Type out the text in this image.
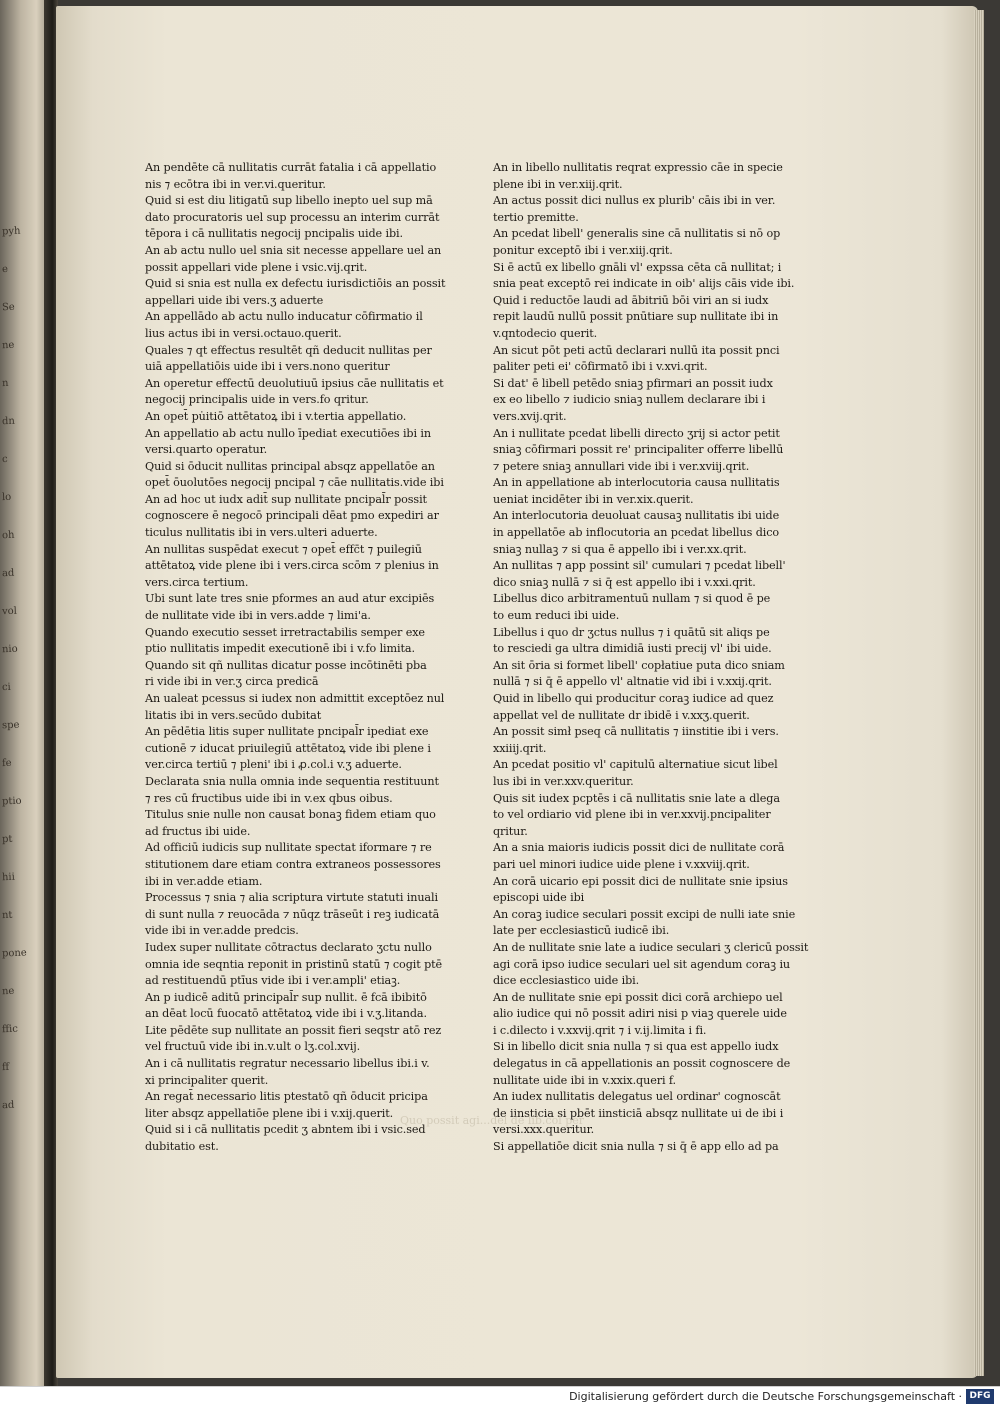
pyh
e
Se
ne
n
dn
c
lo
oh
ad
vol
nio
ci
spe
fe
ptio
pt
hii
nt
pone
ne
ffic
ff
ad
An pendēte cā nullitatis currāt fatalia i cā appellatio
nis ⁊ ecōtra ibi in ver.vi.queritur.
Quid si est diu litigatū sup libello inepto uel sup mā
dato procuratoris uel sup processu an interim currāt
tēpora i cā nullitatis negocij pncipalis uide ibi.
An ab actu nullo uel snia sit necesse appellare uel an
possit appellari vide plene i vsic.vij.qrit.
Quid si snia est nulla ex defectu iurisdictiōis an possit
appellari uide ibi vers.ʒ aduerte
An appellādo ab actu nullo inducatur cōfirmatio il
lius actus ibi in versi.octauo.querit.
Quales ⁊ qt effectus resultēt qñ deducit nullitas per
uiā appellatiōis uide ibi i vers.nono queritur
An operetur effectū deuolutiuū ipsius cāe nullitatis et
negocij principalis uide in vers.fo qritur.
An opet̄ pu̇itiō attētatoꝝ ibi i v.tertia appellatio.
An appellatio ab actu nullo īpediat executiōes ibi in
versi.quarto operatur.
Quid si ōducit nullitas principal absqz appellatōe an
opet̄ ōuolutōes negocij pncipal ⁊ cāe nullitatis.vide ibi
An ad hoc ut iudx adit̄ sup nullitate pncipal̄r possit
cognoscere ē negocō principali dēat pmo expediri ar
ticulus nullitatis ibi in vers.ulteri aduerte.
An nullitas suspēdat execut ⁊ opet̄ effc̄t ⁊ puilegiū
attētatoꝝ vide plene ibi i vers.circa scōm ⁊ plenius in
vers.circa tertium.
Ubi sunt late tres snie pformes an aud atur excipiēs
de nullitate vide ibi in vers.adde ⁊ limi'a.
Quando executio sesset irretractabilis semper exe
ptio nullitatis impedit executionē ibi i v.fo limita.
Quando sit qñ nullitas dicatur posse incōtinēti pba
ri vide ibi in ver.ʒ circa predicā
An ualeat pcessus si iudex non admittit exceptōez nul
litatis ibi in vers.secūdo dubitat
An pēdētia litis super nullitate pncipal̄r ipediat exe
cutionē ⁊ iducat priuilegiū attētatoꝝ vide ibi plene i
ver.circa tertiū ⁊ pleni' ibi i ꝓ.col.i v.ʒ aduerte.
Declarata snia nulla omnia inde sequentia restituunt
⁊ res cū fructibus uide ibi in v.ex qbus oibus.
Titulus snie nulle non causat bonaꝫ fidem etiam quo
ad fructus ibi uide.
Ad officiū iudicis sup nullitate spectat iformare ⁊ re
stitutionem dare etiam contra extraneos possessores
ibi in ver.adde etiam.
Processus ⁊ snia ⁊ alia scriptura virtute statuti inuali
di sunt nulla ⁊ reuocāda ⁊ nūqz trāseūt i reꝫ iudicatā
vide ibi in ver.adde predcis.
Iudex super nullitate cōtractus declarato ʒctu nullo
omnia ide seqntia reponit in pristinū statū ⁊ cogit ptē
ad restituendū ptīus vide ibi i ver.ampli' etiaꝫ.
An p iudicē aditū principal̄r sup nullit. ē fcā ibibitō
an dēat locū fuocatō attētatoꝝ vide ibi i v.ʒ.litanda.
Lite pēdēte sup nullitate an possit fieri seqstr atō rez
vel fructuū vide ibi in.v.ult o lʒ.col.xvij.
An i cā nullitatis regratur necessario libellus ibi.i v.
xi principaliter querit.
An regat̄ necessario litis ptestatō qñ ōducit pricipa
liter absqz appellatiōe plene ibi i v.xij.querit.
Quid si i cā nullitatis pcedit ʒ abntem ibi i vsic.sed
dubitatio est.
An in libello nullitatis reqrat expressio cāe in specie
plene ibi in ver.xiij.qrit.
An actus possit dici nullus ex plurib' cāis ibi in ver.
tertio premitte.
An pcedat libell' generalis sine cā nullitatis si nō op
ponitur exceptō ibi i ver.xiij.qrit.
Si ē actū ex libello gnāli vl' expssa cēta cā nullitat; i
snia peat exceptō rei indicate in oib' alijs cāis vide ibi.
Quid i reductōe laudi ad ābitriū bōi viri an si iudx
repit laudū nullū possit pnūtiare sup nullitate ibi in
v.qntodecio querit.
An sicut pōt peti actū declarari nullū ita possit pnci
paliter peti ei' cōfirmatō ibi i v.xvi.qrit.
Si dat' ē libell petēdo sniaꝫ pfirmari an possit iudx
ex eo libello ⁊ iudicio sniaꝫ nullem declarare ibi i
vers.xvij.qrit.
An i nullitate pcedat libelli directo ʒrij si actor petit
sniaꝫ cōfirmari possit re' principaliter offerre libellū
⁊ petere sniaꝫ annullari vide ibi i ver.xviij.qrit.
An in appellatione ab interlocutoria causa nullitatis
ueniat incidēter ibi in ver.xix.querit.
An interlocutoria deuoluat causaꝫ nullitatis ibi uide
in appellatōe ab inflocutoria an pcedat libellus dico
sniaꝫ nullaꝫ ⁊ si qua ē appello ibi i ver.xx.qrit.
An nullitas ⁊ app possint sil' cumulari ⁊ pcedat libell'
dico sniaꝫ nullā ⁊ si q̄ est appello ibi i v.xxi.qrit.
Libellus dico arbitramentuū nullam ⁊ si quod ē pe
to eum reduci ibi uide.
Libellus i quo dr ʒctus nullus ⁊ i quātū sit aliqs pe
to resciedi ga ultra dimidiā iusti precij vl' ibi uide.
An sit ōria si formet libell' copłatiue puta dico sniam
nullā ⁊ si q̄ ē appello vl' altnatie vid ibi i v.xxij.qrit.
Quid in libello qui producitur coraꝫ iudice ad quez
appellat vel de nullitate dr ibidē i v.xxʒ.querit.
An possit simł pseq cā nullitatis ⁊ iinstitie ibi i vers.
xxiiij.qrit.
An pcedat positio vl' capitulū alternatiue sicut libel
lus ibi in ver.xxv.queritur.
Quis sit iudex pcptēs i cā nullitatis snie late a dlega
to vel ordiario vid plene ibi in ver.xxvij.pncipaliter
qritur.
An a snia maioris iudicis possit dici de nullitate corā
pari uel minori iudice uide plene i v.xxviij.qrit.
An corā uicario epi possit dici de nullitate snie ipsius
episcopi uide ibi
An coraꝫ iudice seculari possit excipi de nulli iate snie
late per ecclesiasticū iudicē ibi.
An de nullitate snie late a iudice seculari ʒ clericū possit
agi corā ipso iudice seculari uel sit agendum coraꝫ iu
dice ecclesiastico uide ibi.
An de nullitate snie epi possit dici corā archiepo uel
alio iudice qui nō possit adiri nisi p viaꝫ querele uide
i c.dilecto i v.xxvij.qrit ⁊ i v.ij.limita i fi.
Si in libello dicit snia nulla ⁊ si qua est appello iudx
delegatus in cā appellationis an possit cognoscere de
nullitate uide ibi in v.xxix.queri f.
An iudex nullitatis delegatus uel ordinar' cognoscāt
de iinsticia si pbēt iinsticiā absqz nullitate ui de ibi i
versi.xxx.queritur.
Si appellatiōe dicit snia nulla ⁊ si q̄ ē app ello ad pa
Quo possit agi...del de lib.col per
Digitalisierung gefördert durch die Deutsche Forschungsgemeinschaft · DFG
